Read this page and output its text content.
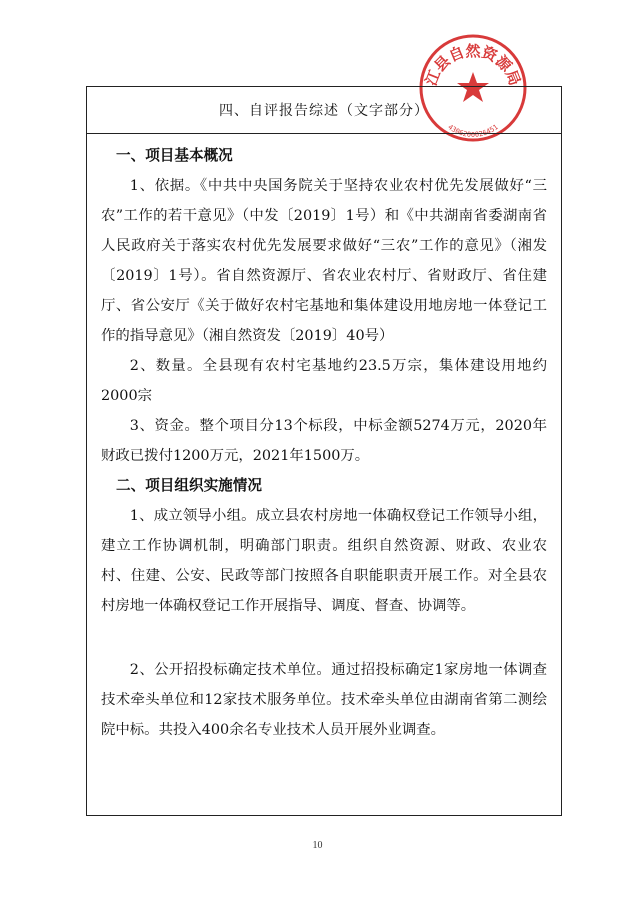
江县自然资源局
4306200026451
四、自评报告综述（文字部分）

一、项目基本概况

1、依据。《中共中央国务院关于坚持农业农村优先发展做好“三农”工作的若干意见》（中发〔2019〕1号）和《中共湖南省委湖南省人民政府关于落实农村优先发展要求做好“三农”工作的意见》（湘发〔2019〕1号）。省自然资源厅、省农业农村厅、省财政厅、省住建厅、省公安厅《关于做好农村宅基地和集体建设用地房地一体登记工作的指导意见》（湘自然资发〔2019〕40号）

2、数量。全县现有农村宅基地约23.5万宗，集体建设用地约2000宗

3、资金。整个项目分13个标段，中标金额5274万元，2020年财政已拨付1200万元，2021年1500万。

二、项目组织实施情况

1、成立领导小组。成立县农村房地一体确权登记工作领导小组，建立工作协调机制，明确部门职责。组织自然资源、财政、农业农村、住建、公安、民政等部门按照各自职能职责开展工作。对全县农村房地一体确权登记工作开展指导、调度、督查、协调等。

2、公开招投标确定技术单位。通过招投标确定1家房地一体调查技术牵头单位和12家技术服务单位。技术牵头单位由湖南省第二测绘院中标。共投入400余名专业技术人员开展外业调查。

10
